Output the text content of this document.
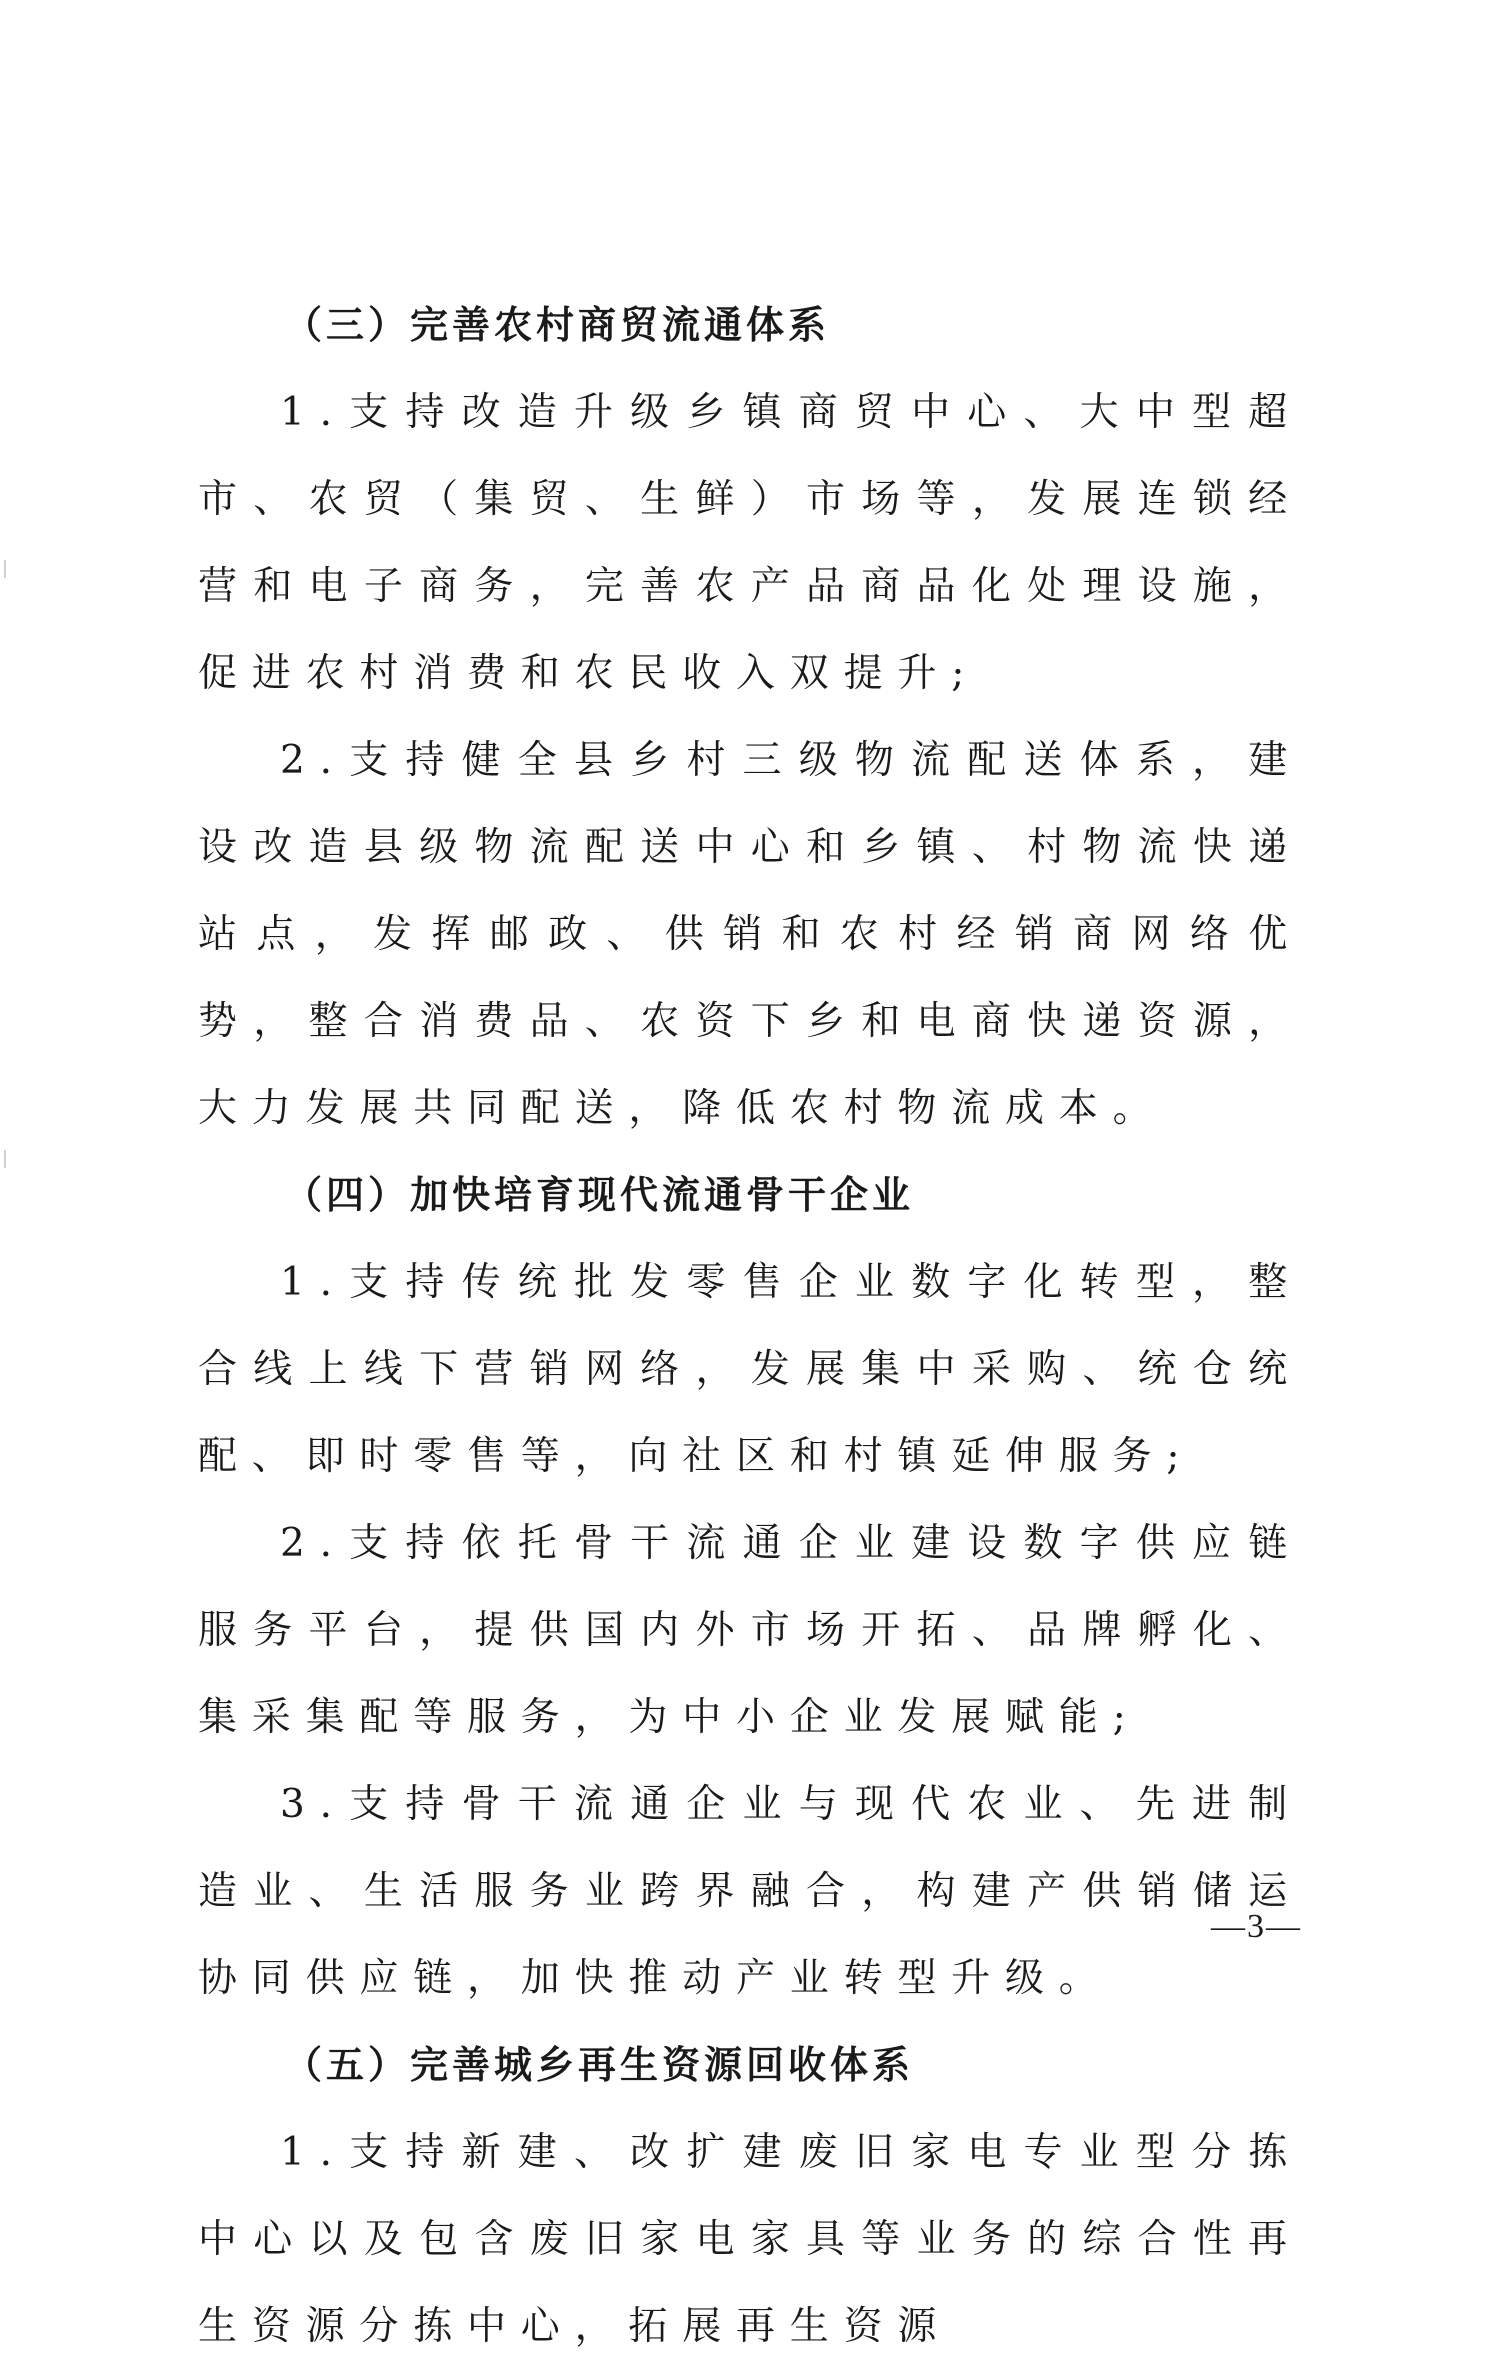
（三）完善农村商贸流通体系

1.支持改造升级乡镇商贸中心、大中型超市、农贸（集贸、生鲜）市场等，发展连锁经营和电子商务，完善农产品商品化处理设施，促进农村消费和农民收入双提升;

2.支持健全县乡村三级物流配送体系，建设改造县级物流配送中心和乡镇、村物流快递站点，发挥邮政、供销和农村经销商网络优势，整合消费品、农资下乡和电商快递资源，大力发展共同配送，降低农村物流成本。

（四）加快培育现代流通骨干企业

1.支持传统批发零售企业数字化转型，整合线上线下营销网络，发展集中采购、统仓统配、即时零售等，向社区和村镇延伸服务;

2.支持依托骨干流通企业建设数字供应链服务平台，提供国内外市场开拓、品牌孵化、集采集配等服务，为中小企业发展赋能;

3.支持骨干流通企业与现代农业、先进制造业、生活服务业跨界融合，构建产供销储运协同供应链，加快推动产业转型升级。

（五）完善城乡再生资源回收体系

1.支持新建、改扩建废旧家电专业型分拣中心以及包含废旧家电家具等业务的综合性再生资源分拣中心，拓展再生资源

—3—
